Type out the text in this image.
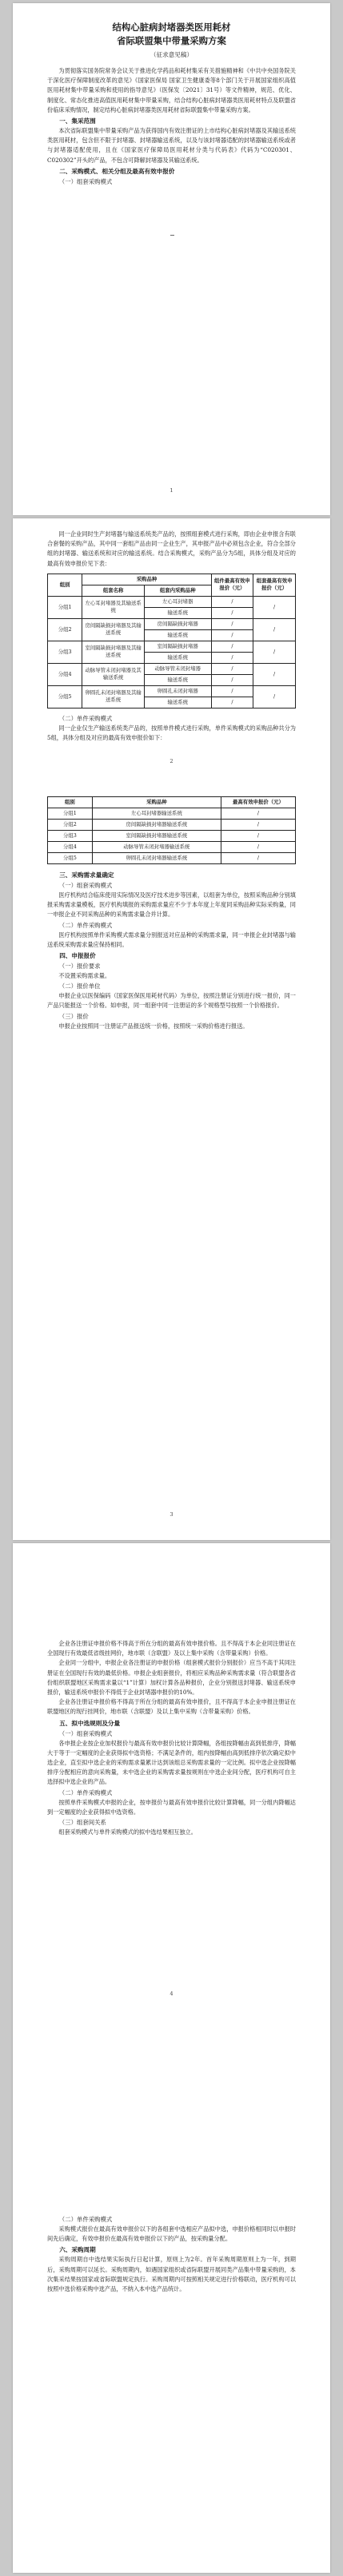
结构心脏病封堵器类医用耗材
省际联盟集中带量采购方案
（征求意见稿）

为贯彻落实国务院常务会议关于推进化学药品和耗材集采有关措施精神和《中共中央国务院关于深化医疗保障制度改革的意见》《国家医保局 国家卫生健康委等8个部门关于开展国家组织高值医用耗材集中带量采购和使用的指导意见》（医保发〔2021〕31号）等文件精神，规范、优化、制度化、常态化推进高值医用耗材集中带量采购，结合结构心脏病封堵器类医用耗材特点及联盟省份临床采购情况，制定结构心脏病封堵器类医用耗材省际联盟集中带量采购方案。

一、集采范围

本次省际联盟集中带量采购产品为获得国内有效注册证的上市结构心脏病封堵器及其输送系统类医用耗材，包含但不限于封堵器、封堵器输送系统，以及与该封堵器适配的封堵器输送系统或者与封堵器适配使用，且在《国家医疗保障局医用耗材分类与代码表》代码为“C020301、C020302”开头的产品，不包含可降解封堵器及其输送系统。

二、采购模式、相关分组及最高有效申报价
（一）组套采购模式
1

同一企业同时生产封堵器与输送系统类产品的，按照组套模式进行采购，即由企业申报含有联合套餐的采购产品，其中同一套组产品由同一企业生产，其申报产品中必须包含企业，符合全部分组的封堵器、输送系统和对应的输送系统。结合采购模式，采购产品分为5组，具体分组及对应的最高有效申报价见下表：

组别	采购品种		组件最高有效申报价（元）	组套最高有效申报价（元）
	组套名称	组套内采购品种		
分组1	左心耳封堵器及其输送系统	左心耳封堵器	/	/
		输送系统	/	
分组2	房间隔缺损封堵器及其输送系统	房间隔缺损封堵器	/	/
		输送系统	/	
分组3	室间隔缺损封堵器及其输送系统	室间隔缺损封堵器	/	/
		输送系统	/	
分组4	动脉导管未闭封堵器及其输送系统	动脉导管未闭封堵器	/	/
		输送系统	/	
分组5	卵圆孔未闭封堵器及其输送系统	卵圆孔未闭封堵器	/	/
		输送系统	/	
（二）单件采购模式

同一企业仅生产输送系统类产品的，按照单件模式进行采购，单件采购模式的采购品种共分为5组，具体分组及对应的最高有效申报价如下：

2
组别	采购品种	最高有效申报价（元）
分组1	左心耳封堵器输送系统	/
分组2	房间隔缺损封堵器输送系统	/
分组3	室间隔缺损封堵器输送系统	/
分组4	动脉导管未闭封堵器输送系统	/
分组5	卵圆孔未闭封堵器输送系统	/
三、采购需求量确定
（一）组套采购模式

医疗机构结合临床使用实际情况及医疗技术进步等因素，以组套为单位，按照采购品种分别填报采购需求量模板，医疗机构填报的采购需求量应不少于本年度上年度同采购品种实际采购量，同一申报企业不同采购品种的采购需求量合并计算。

（二）单件采购模式

医疗机构按照单件采购模式需求量分别报送对应品种的采购需求量，同一申报企业封堵器与输送系统采购需求量应保持相同。

四、申报报价
（一）报价要求

不设置采购需求量。

（二）报价单位

申报企业以医保编码（国家医保医用耗材代码）为单位，按照注册证分别进行统一报价，同一产品只能报送一个价格。如申报，同一组套中同一注册证的多个规格型号按照一个价格报价。

（三）报价

申报企业按照同一注册证产品报送统一价格，按照统一采购价格进行报送。

3

企业各注册证申报价格不得高于所在分组的最高有效申报价格。且不得高于本企业同注册证在全国现行有效最低省级挂网价，地市联（含联盟）及以上集中采购（含带量采购）价格。

企业同一分组中，申报企业各注册证的申报价格（组套模式报价分别报价）应当不高于其同注册证在全国现行有效的最低价格。申报企业组套报价，将相应采购品种采购需求量（符合联盟各省份组织联盟地区采购需求量以“1”计算）加权计算各品种报价，企业分别报送封堵器、输送系统申报价，输送系统申报价不得低于企业封堵器申报价的10%。

企业各注册证申报价格不得高于所在分组的最高有效申报价，且不得高于本企业申报注册证在联盟地区的现行挂网价，地市联（含联盟）及以上集中采购（含带量采购）价格。

五、拟中选规则及分量
（一）组套采购模式

各申报企业按企业加权报价与最高有效申报价比较计算降幅，各组按降幅由高到低排序，降幅大于等于一定幅度的企业获得拟中选资格；不满足条件的，组内按降幅由高到低排序依次确定拟中选企业，直至拟中选企业的采购需求量累计达到该组总采购需求量的一定比例。拟中选企业按降幅排序分配相应的意向采购量，未中选企业的采购需求量按规则在中选企业间分配，医疗机构可自主选择拟中选企业的产品。

（二）单件采购模式

按照单件采购模式申报的企业，按申报价与最高有效申报价比较计算降幅，同一分组内降幅达到一定幅度的企业获得拟中选资格。

（三）组套间关系

组套采购模式与单件采购模式的拟中选结果相互独立。

4
（二）单件采购模式

采购模式报价在最高有效申报价以下的各组套中选相应产品拟中选，申报价格相同时以申报时间先后确定，有效申报价在最高有效申报价以下的产品，按采购量分配。

六、采购周期

采购周期自中选结果实际执行日起计算，原则上为2年。首年采购周期原则上为一年，到期后，采购周期可以延长。采购周期内，如遇国家组织或省际联盟开展同类产品集中带量采购的，本次集采结果按国家或省际联盟规定执行。采购周期内可按照相关规定进行价格联动，医疗机构可以按照中选价格采购中选产品，不纳入本中选产品统计。
